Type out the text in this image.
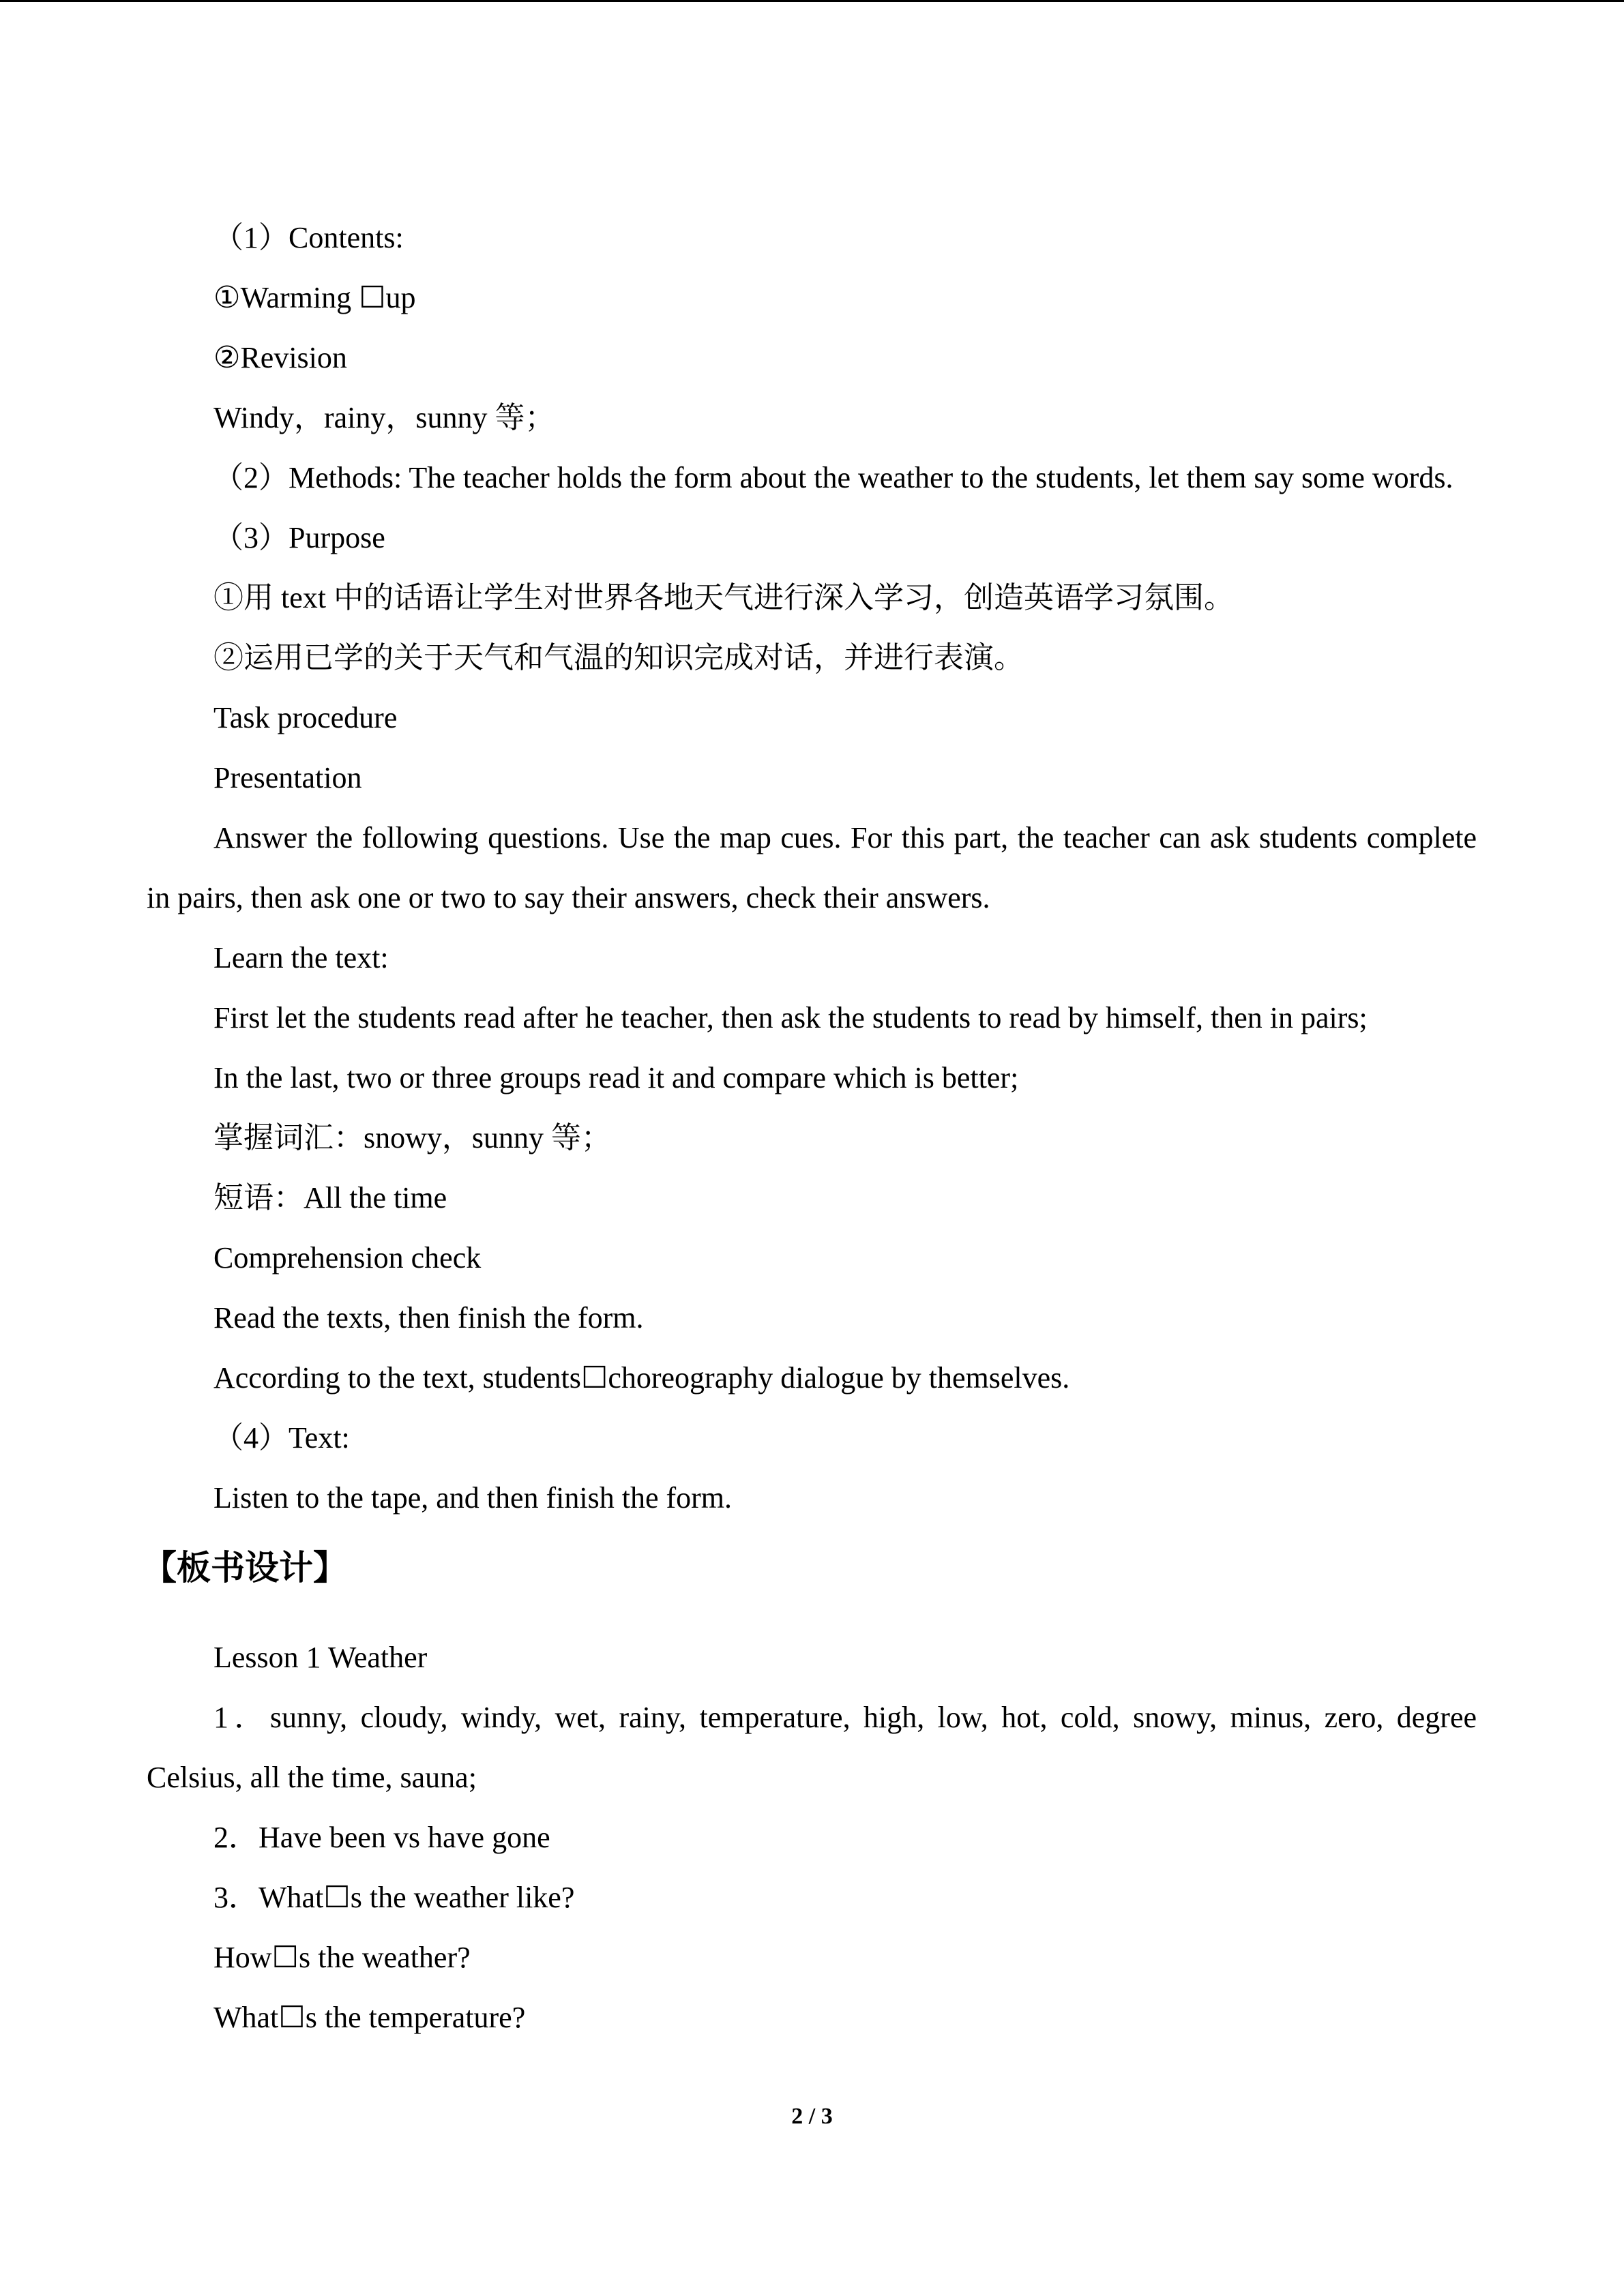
（1）Contents:

①Warming ☐up

②Revision

Windy，rainy，sunny 等；

（2）Methods: The teacher holds the form about the weather to the students, let them say some words.

（3）Purpose

①用 text 中的话语让学生对世界各地天气进行深入学习，创造英语学习氛围。

②运用已学的关于天气和气温的知识完成对话，并进行表演。

Task procedure

Presentation

Answer the following questions. Use the map cues. For this part, the teacher can ask students complete in pairs, then ask one or two to say their answers, check their answers.

Learn the text:

First let the students read after he teacher, then ask the students to read by himself, then in pairs;

In the last, two or three groups read it and compare which is better;

掌握词汇：snowy，sunny 等；

短语：All the time

Comprehension check

Read the texts, then finish the form.

According to the text, students☐choreography dialogue by themselves.

（4）Text:

Listen to the tape, and then finish the form.

【板书设计】

Lesson 1 Weather

1．sunny, cloudy, windy, wet, rainy, temperature, high, low, hot, cold, snowy, minus, zero, degree Celsius, all the time, sauna;

2．Have been vs have gone

3．What☐s the weather like?

How☐s the weather?

What☐s the temperature?

2 / 3
